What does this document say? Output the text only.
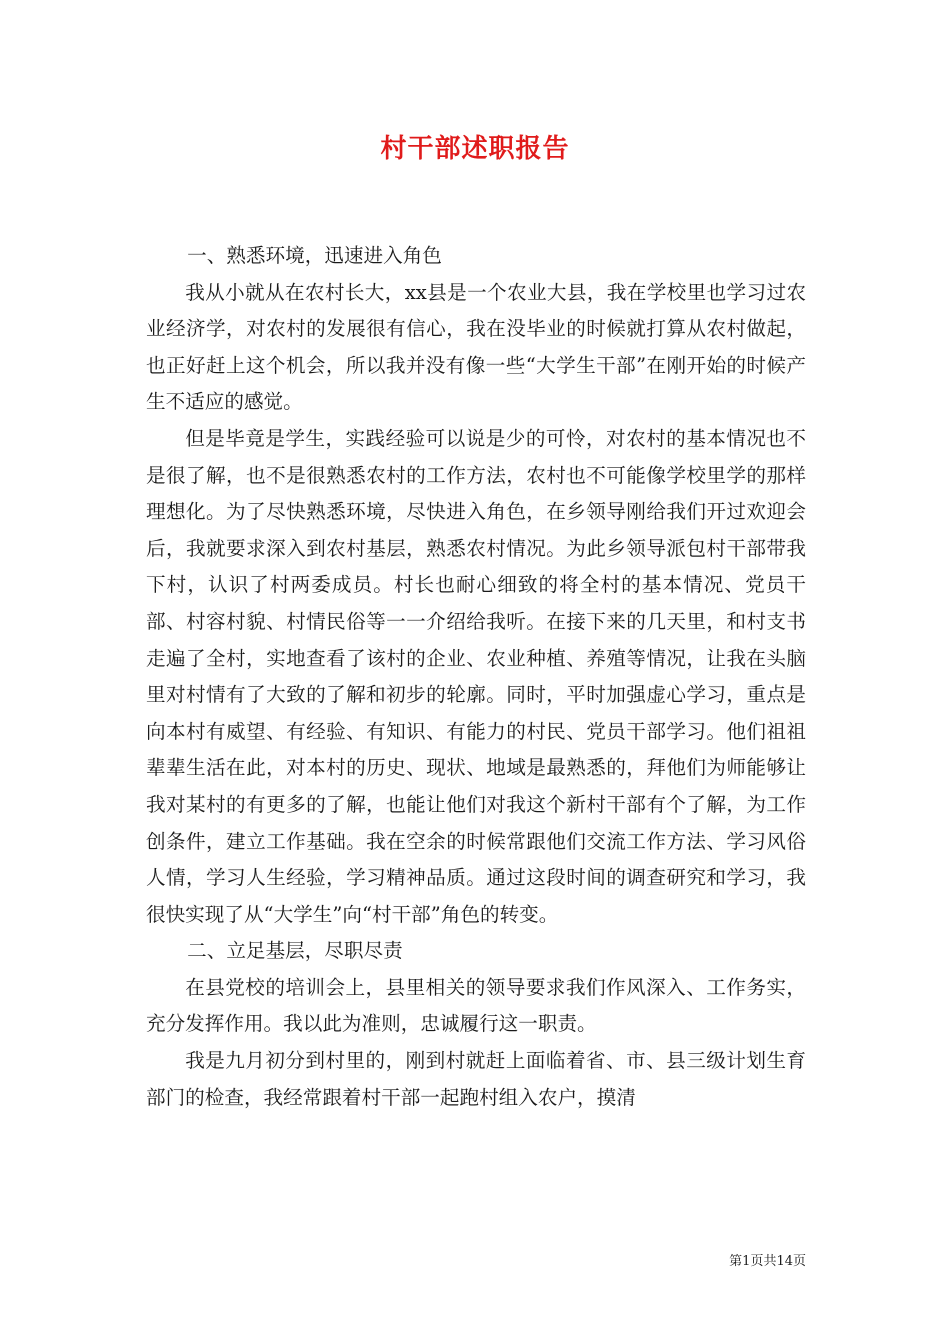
村干部述职报告

一、熟悉环境，迅速进入角色

我从小就从在农村长大，xx县是一个农业大县，我在学校里也学习过农业经济学，对农村的发展很有信心，我在没毕业的时候就打算从农村做起，也正好赶上这个机会，所以我并没有像一些“大学生干部”在刚开始的时候产生不适应的感觉。

但是毕竟是学生，实践经验可以说是少的可怜，对农村的基本情况也不是很了解，也不是很熟悉农村的工作方法，农村也不可能像学校里学的那样理想化。为了尽快熟悉环境，尽快进入角色，在乡领导刚给我们开过欢迎会后，我就要求深入到农村基层，熟悉农村情况。为此乡领导派包村干部带我下村，认识了村两委成员。村长也耐心细致的将全村的基本情况、党员干部、村容村貌、村情民俗等一一介绍给我听。在接下来的几天里，和村支书走遍了全村，实地查看了该村的企业、农业种植、养殖等情况，让我在头脑里对村情有了大致的了解和初步的轮廓。同时，平时加强虚心学习，重点是向本村有威望、有经验、有知识、有能力的村民、党员干部学习。他们祖祖辈辈生活在此，对本村的历史、现状、地域是最熟悉的，拜他们为师能够让我对某村的有更多的了解，也能让他们对我这个新村干部有个了解，为工作创条件，建立工作基础。我在空余的时候常跟他们交流工作方法、学习风俗人情，学习人生经验，学习精神品质。通过这段时间的调查研究和学习，我很快实现了从“大学生”向“村干部”角色的转变。

二、立足基层，尽职尽责

在县党校的培训会上，县里相关的领导要求我们作风深入、工作务实，充分发挥作用。我以此为准则，忠诚履行这一职责。

我是九月初分到村里的，刚到村就赶上面临着省、市、县三级计划生育部门的检查，我经常跟着村干部一起跑村组入农户，摸清

第1页共14页
